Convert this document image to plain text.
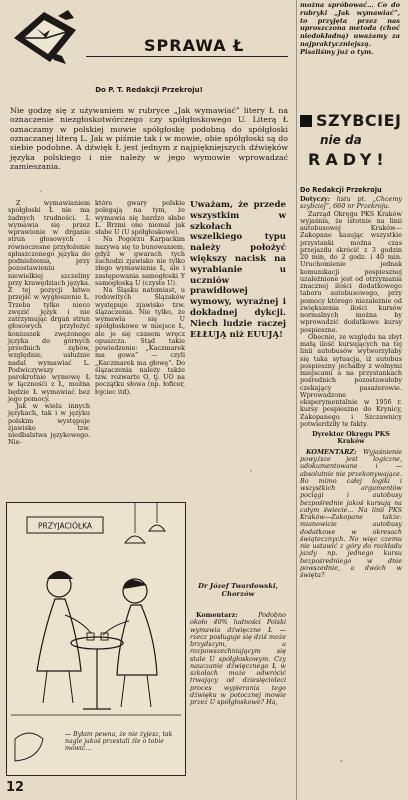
SPRAWA Ł
Do P. T. Redakcji Przekroju!

Nie godzę się z używaniem w rubryce „Jak wymawiać” litery Ł na oznaczenie niezgłoskotwórczego czy spółgłoskowego U. Literą Ł oznaczamy w polskiej mowie spółgłoskę podobną do spółgłoski oznaczanej literą L. Jak w piśmie tak i w mowie, obie spółgłoski są do siebie podobne. A dźwięk Ł jest jednym z najpiękniejszych dźwięków języka polskiego i nie należy w jego wymowie wprowadzać zamieszania.

Z wymawianiem spółgłoski Ł nie ma żadnych trudności. L wymawia się przez wprawienie w drganie strun głosowych i równoczesne przyłożenie spłaszczonego języka do podniebienia, przy pozostawieniu niewielkiej szczeliny przy krawędziach języka. Z tej pozycji łatwo przejść w wygłoszenie Ł. Trzeba tylko nieco zwęzić język i nie zatrzymując drgań strun głosowych przyłożyć koniuszek zwężonego języka do górnych przednich zębów, względnie, usłużnie nadal wymawiać L. Podwiczywszy parokrotnie wymowę Ł w łącznośći z Ł, można będzie Ł wymawiać bez jego pomocy.

Jak w wielu innych językach, tak i w języku polskim występuje zjawisko tzw. niedbalstwa językowego. Nie-

które gwary polskie polegają na tym, że wymawia się bardzo słabe Ł. Brzmi ono niemal jak słabe U (U spółgłoskowe).

Na Pogórzu Karpackim nazywa się to bunowaniem, gdyż w gwarach tych zachodzi zjawisko nie tylko złego wymawiania Ł, ale i zastępowania samogłoski Y samogłoską U (czyste U).

Na Śląsku natomiast, u rodowitych Ślązaków występuje zjawisko tzw. ślązaczenia. Nie tylko, że wymawia się U spółgłoskowe w miejsce Ł, ale je się czasem wręcz opuszcza. Stąd takie powiedzenie: „Kaczmarek ma gowa” — czyli „Kaczmarek ma głowę”. Do ślązaczenia należy także tzw. rozwarte O, tj. UO na początku słowa (np. łoficer, łojciec itd).

Uważam, że przede wszystkim w szkołach wszelkiego typu należy położyć większy nacisk na wyrabianie u uczniów prawidłowej wymowy, wyraźnej i dokładnej dykcji. Niech ludzie raczej EŁŁUJĄ niż EUUJĄ!

Dr Józef Twardowski,

Chorzów

Komentarz:	Podobno około 40% ludności Polski wymawia dźwięczne Ł — rzecz posługuje się dziś może brzydszym, a rozpowszechniającym się stale U spółgłoskowym. Czy nauczanie dźwięcznego Ł w szkołach może odwrócić trwający od dziesięcioleci proces wypierania tego dźwięku w potocznej mowie przez U spółgłoskowe? Ha,

PRZYJACIÓŁKA
— Byłam pewna, że nie żyjesz, tak nagle jakoś przestali źle o tobie mówić…

można spróbować… Co do rubryki „Jak wymawiać”, to przyjęta przez nas uproszczona metoda (choć niedokładną) uważamy za najpraktyczniejszą. Pisaliśmy już o tym.

SZYBCIEJ
nie da
RADY!

Do Redakcji Przekroju

Dotyczy: listu pt. „Chcemy szybciej”, 660 nr Przekroju.

Zarząd Okręgu PKS Kraków wyjaśnia, że istotnie na linii autobusowej Kraków—Zakopane kasując wszystkie przystanki można czas przejazdu skrócić z 3 godzin 20 min, do 2 godz. i 40 min. Uruchomienie jednak komunikacji pospiesznej uzależnione jest od otrzymania znacznej ilości dodatkowego taboru autobusowego, przy pomocy którego niezależnie od zwiększenia ilości kursów normalnych można by wprowadzić dodatkowe kursy pospieszne.

Obecnie, ze względu na zbyt małą ilość kursujących na tej linii autobusów wytworzyłaby się taka sytuacja, iż autobus pospieszny jechałby z wolnymi miejscami a na przystankach pośrednich pozostawałoby czekający pasażerowie. Wprowadzone eksperymentalnie w 1956 r. kursy pospieszne do Krynicy, Zakopanego i Szczawnicy potwierdziły te fakty.

Dyrektor Okręgu PKS Kraków

KOMENTARZ: Wyjaśnienie powyższe jest logiczne, udokumentowane i — absolutnie nie przekonywające. Bo mimo całej logiki i wszystkich argumentów pociągi i autobusy bezpośrednie jakoś kursują na całym świecie… Na linii PKS Kraków—Zakopane także: mianowicie autobusy dodatkowe w okresach świątecznych. No więc czemu nie ustawić z góry do rozkładu jazdy np. jednego kursu bezpośredniego w dnie powszednie, a dwóch w święta?

12
